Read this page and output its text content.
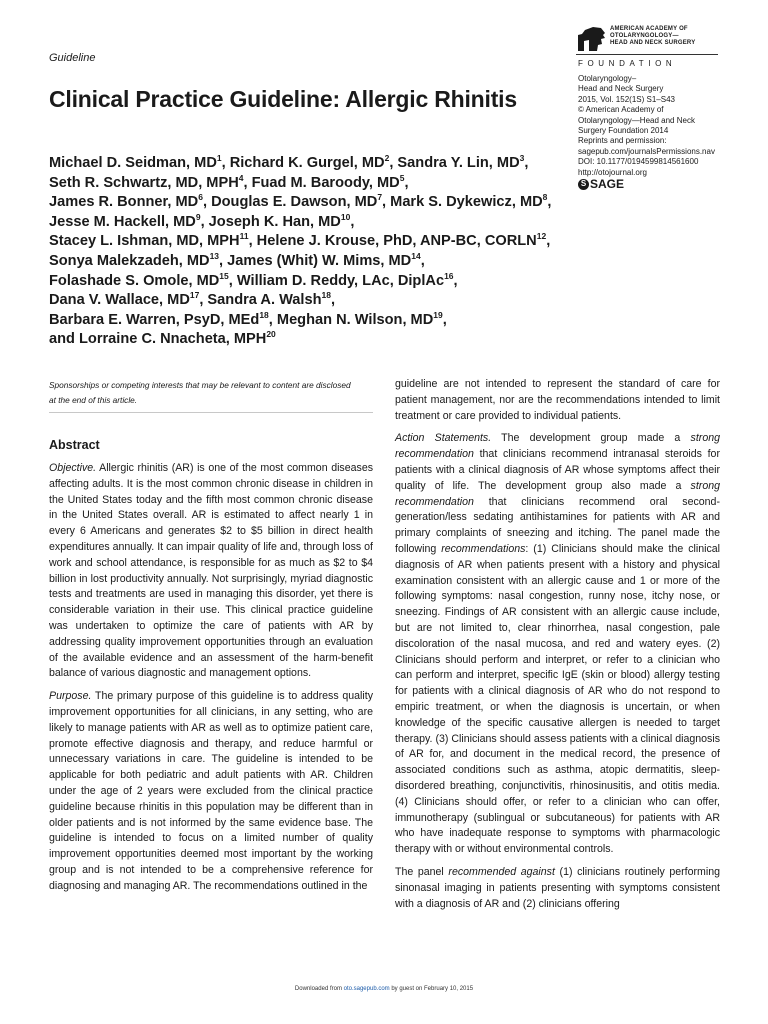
Guideline
Clinical Practice Guideline: Allergic Rhinitis
AMERICAN ACADEMY OF
OTOLARYNGOLOGY—
HEAD AND NECK SURGERY
FOUNDATION
Otolaryngology–
Head and Neck Surgery
2015, Vol. 152(1S) S1–S43
© American Academy of
Otolaryngology—Head and Neck
Surgery Foundation 2014
Reprints and permission:
sagepub.com/journalsPermissions.nav
DOI: 10.1177/0194599814561600
http://otojournal.org
S SAGE
Michael D. Seidman, $MD^1$, Richard K. Gurgel, $MD^2$, Sandra Y. Lin, $MD^3$,
Seth R. Schwartz, MD, MPH$^4$, Fuad M. Baroody, $MD^5$,
James R. Bonner, $MD^6$, Douglas E. Dawson, $MD^7$, Mark S. Dykewicz, $MD^8$,
Jesse M. Hackell, $MD^9$, Joseph K. Han, MD$^{10}$,
Stacey L. Ishman, MD, MPH$^{11}$, Helene J. Krouse, PhD, ANP-BC, CORLN$^{12}$,
Sonya Malekzadeh, MD$^{13}$, James (Whit) W. Mims, MD$^{14}$,
Folashade S. Omole, MD$^{15}$, William D. Reddy, LAc, DiplAc$^{16}$,
Dana V. Wallace, MD$^{17}$, Sandra A. Walsh$^{18}$,
Barbara E. Warren, PsyD, MEd$^{18}$, Meghan N. Wilson, MD$^{19}$,
and Lorraine C. Nnacheta, MPH$^{20}$
Sponsorships or competing interests that may be relevant to content are disclosed at the end of this article.
Abstract

Objective. Allergic rhinitis (AR) is one of the most common diseases affecting adults. It is the most common chronic disease in children in the United States today and the fifth most common chronic disease in the United States overall. AR is estimated to affect nearly 1 in every 6 Americans and generates $2 to $5 billion in direct health expenditures annually. It can impair quality of life and, through loss of work and school attendance, is responsible for as much as $2 to $4 billion in lost productivity annually. Not surprisingly, myriad diagnostic tests and treatments are used in managing this disorder, yet there is considerable variation in their use. This clinical practice guideline was undertaken to optimize the care of patients with AR by addressing quality improvement opportunities through an evaluation of the available evidence and an assessment of the harm-benefit balance of various diagnostic and management options.

Purpose. The primary purpose of this guideline is to address quality improvement opportunities for all clinicians, in any setting, who are likely to manage patients with AR as well as to optimize patient care, promote effective diagnosis and therapy, and reduce harmful or unnecessary variations in care. The guideline is intended to be applicable for both pediatric and adult patients with AR. Children under the age of 2 years were excluded from the clinical practice guideline because rhinitis in this population may be different than in older patients and is not informed by the same evidence base. The guideline is intended to focus on a limited number of quality improvement opportunities deemed most important by the working group and is not intended to be a comprehensive reference for diagnosing and managing AR. The recommendations outlined in the

guideline are not intended to represent the standard of care for patient management, nor are the recommendations intended to limit treatment or care provided to individual patients.

Action Statements. The development group made a strong recommendation that clinicians recommend intranasal steroids for patients with a clinical diagnosis of AR whose symptoms affect their quality of life. The development group also made a strong recommendation that clinicians recommend oral second-generation/less sedating antihistamines for patients with AR and primary complaints of sneezing and itching. The panel made the following recommendations: (1) Clinicians should make the clinical diagnosis of AR when patients present with a history and physical examination consistent with an allergic cause and 1 or more of the following symptoms: nasal congestion, runny nose, itchy nose, or sneezing. Findings of AR consistent with an allergic cause include, but are not limited to, clear rhinorrhea, nasal congestion, pale discoloration of the nasal mucosa, and red and watery eyes. (2) Clinicians should perform and interpret, or refer to a clinician who can perform and interpret, specific IgE (skin or blood) allergy testing for patients with a clinical diagnosis of AR who do not respond to empiric treatment, or when the diagnosis is uncertain, or when knowledge of the specific causative allergen is needed to target therapy. (3) Clinicians should assess patients with a clinical diagnosis of AR for, and document in the medical record, the presence of associated conditions such as asthma, atopic dermatitis, sleep-disordered breathing, conjunctivitis, rhinosinusitis, and otitis media. (4) Clinicians should offer, or refer to a clinician who can offer, immunotherapy (sublingual or subcutaneous) for patients with AR who have inadequate response to symptoms with pharmacologic therapy with or without environmental controls.

The panel recommended against (1) clinicians routinely performing sinonasal imaging in patients presenting with symptoms consistent with a diagnosis of AR and (2) clinicians offering

Downloaded from oto.sagepub.com by guest on February 10, 2015
